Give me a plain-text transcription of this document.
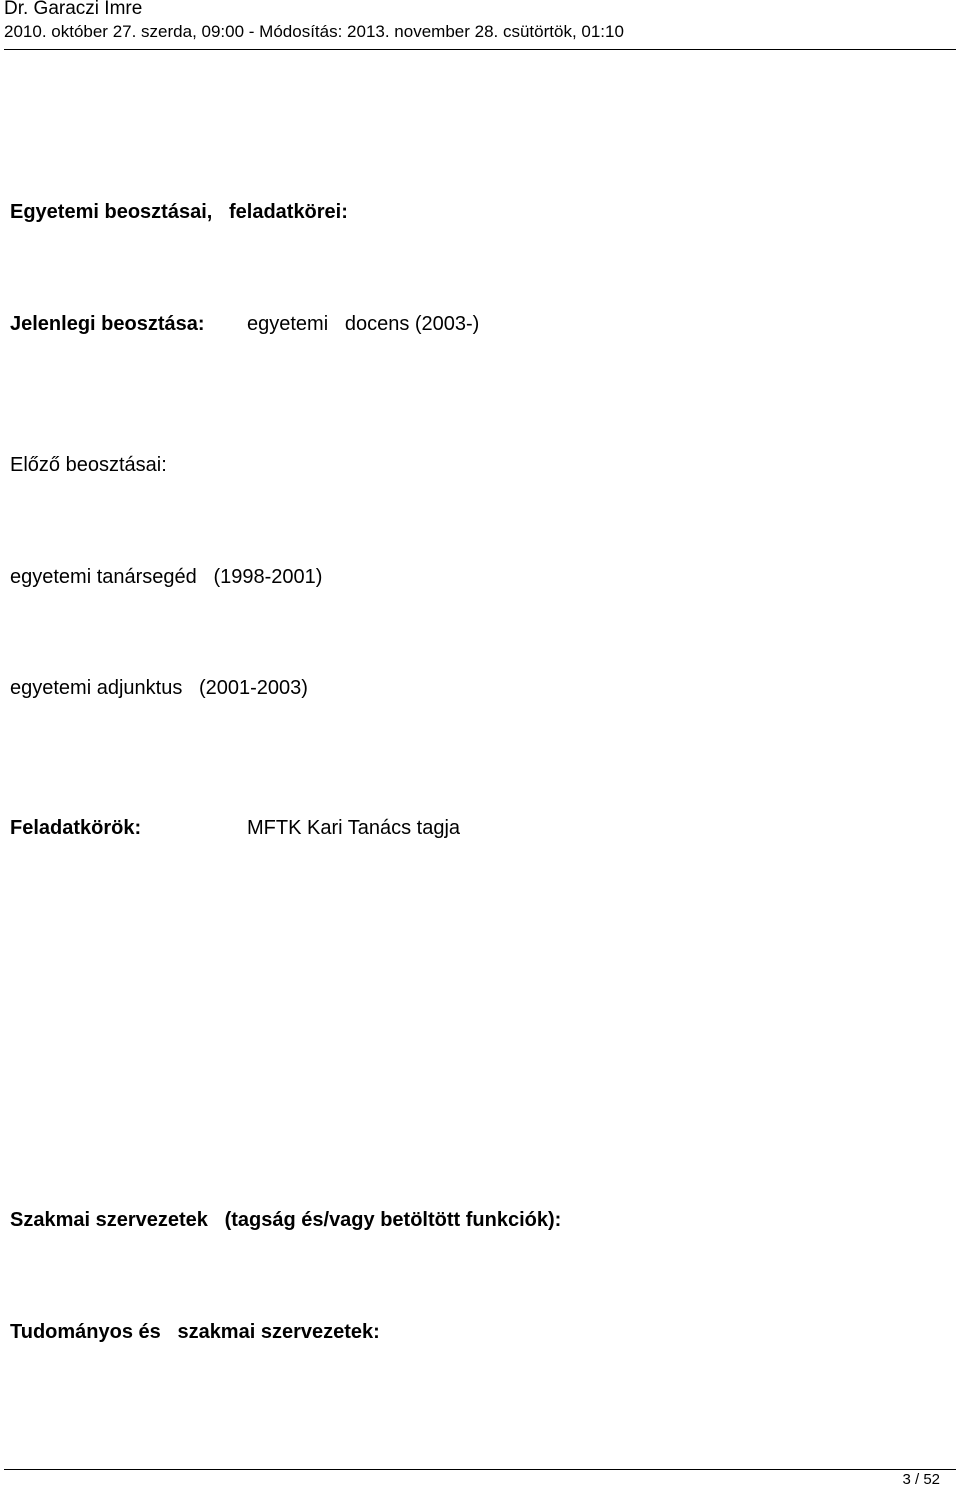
Dr. Garaczi Imre
2010. október 27. szerda, 09:00 - Módosítás: 2013. november 28. csütörtök, 01:10
Egyetemi beosztásai,   feladatkörei:
Jelenlegi beosztása: egyetemi   docens (2003-)
Előző beosztásai:
egyetemi tanársegéd   (1998-2001)
egyetemi adjunktus   (2001-2003)
Feladatkörök:	MFTK Kari Tanács tagja
Szakmai szervezetek   (tagság és/vagy betöltött funkciók):
Tudományos és   szakmai szervezetek:
3 / 52
